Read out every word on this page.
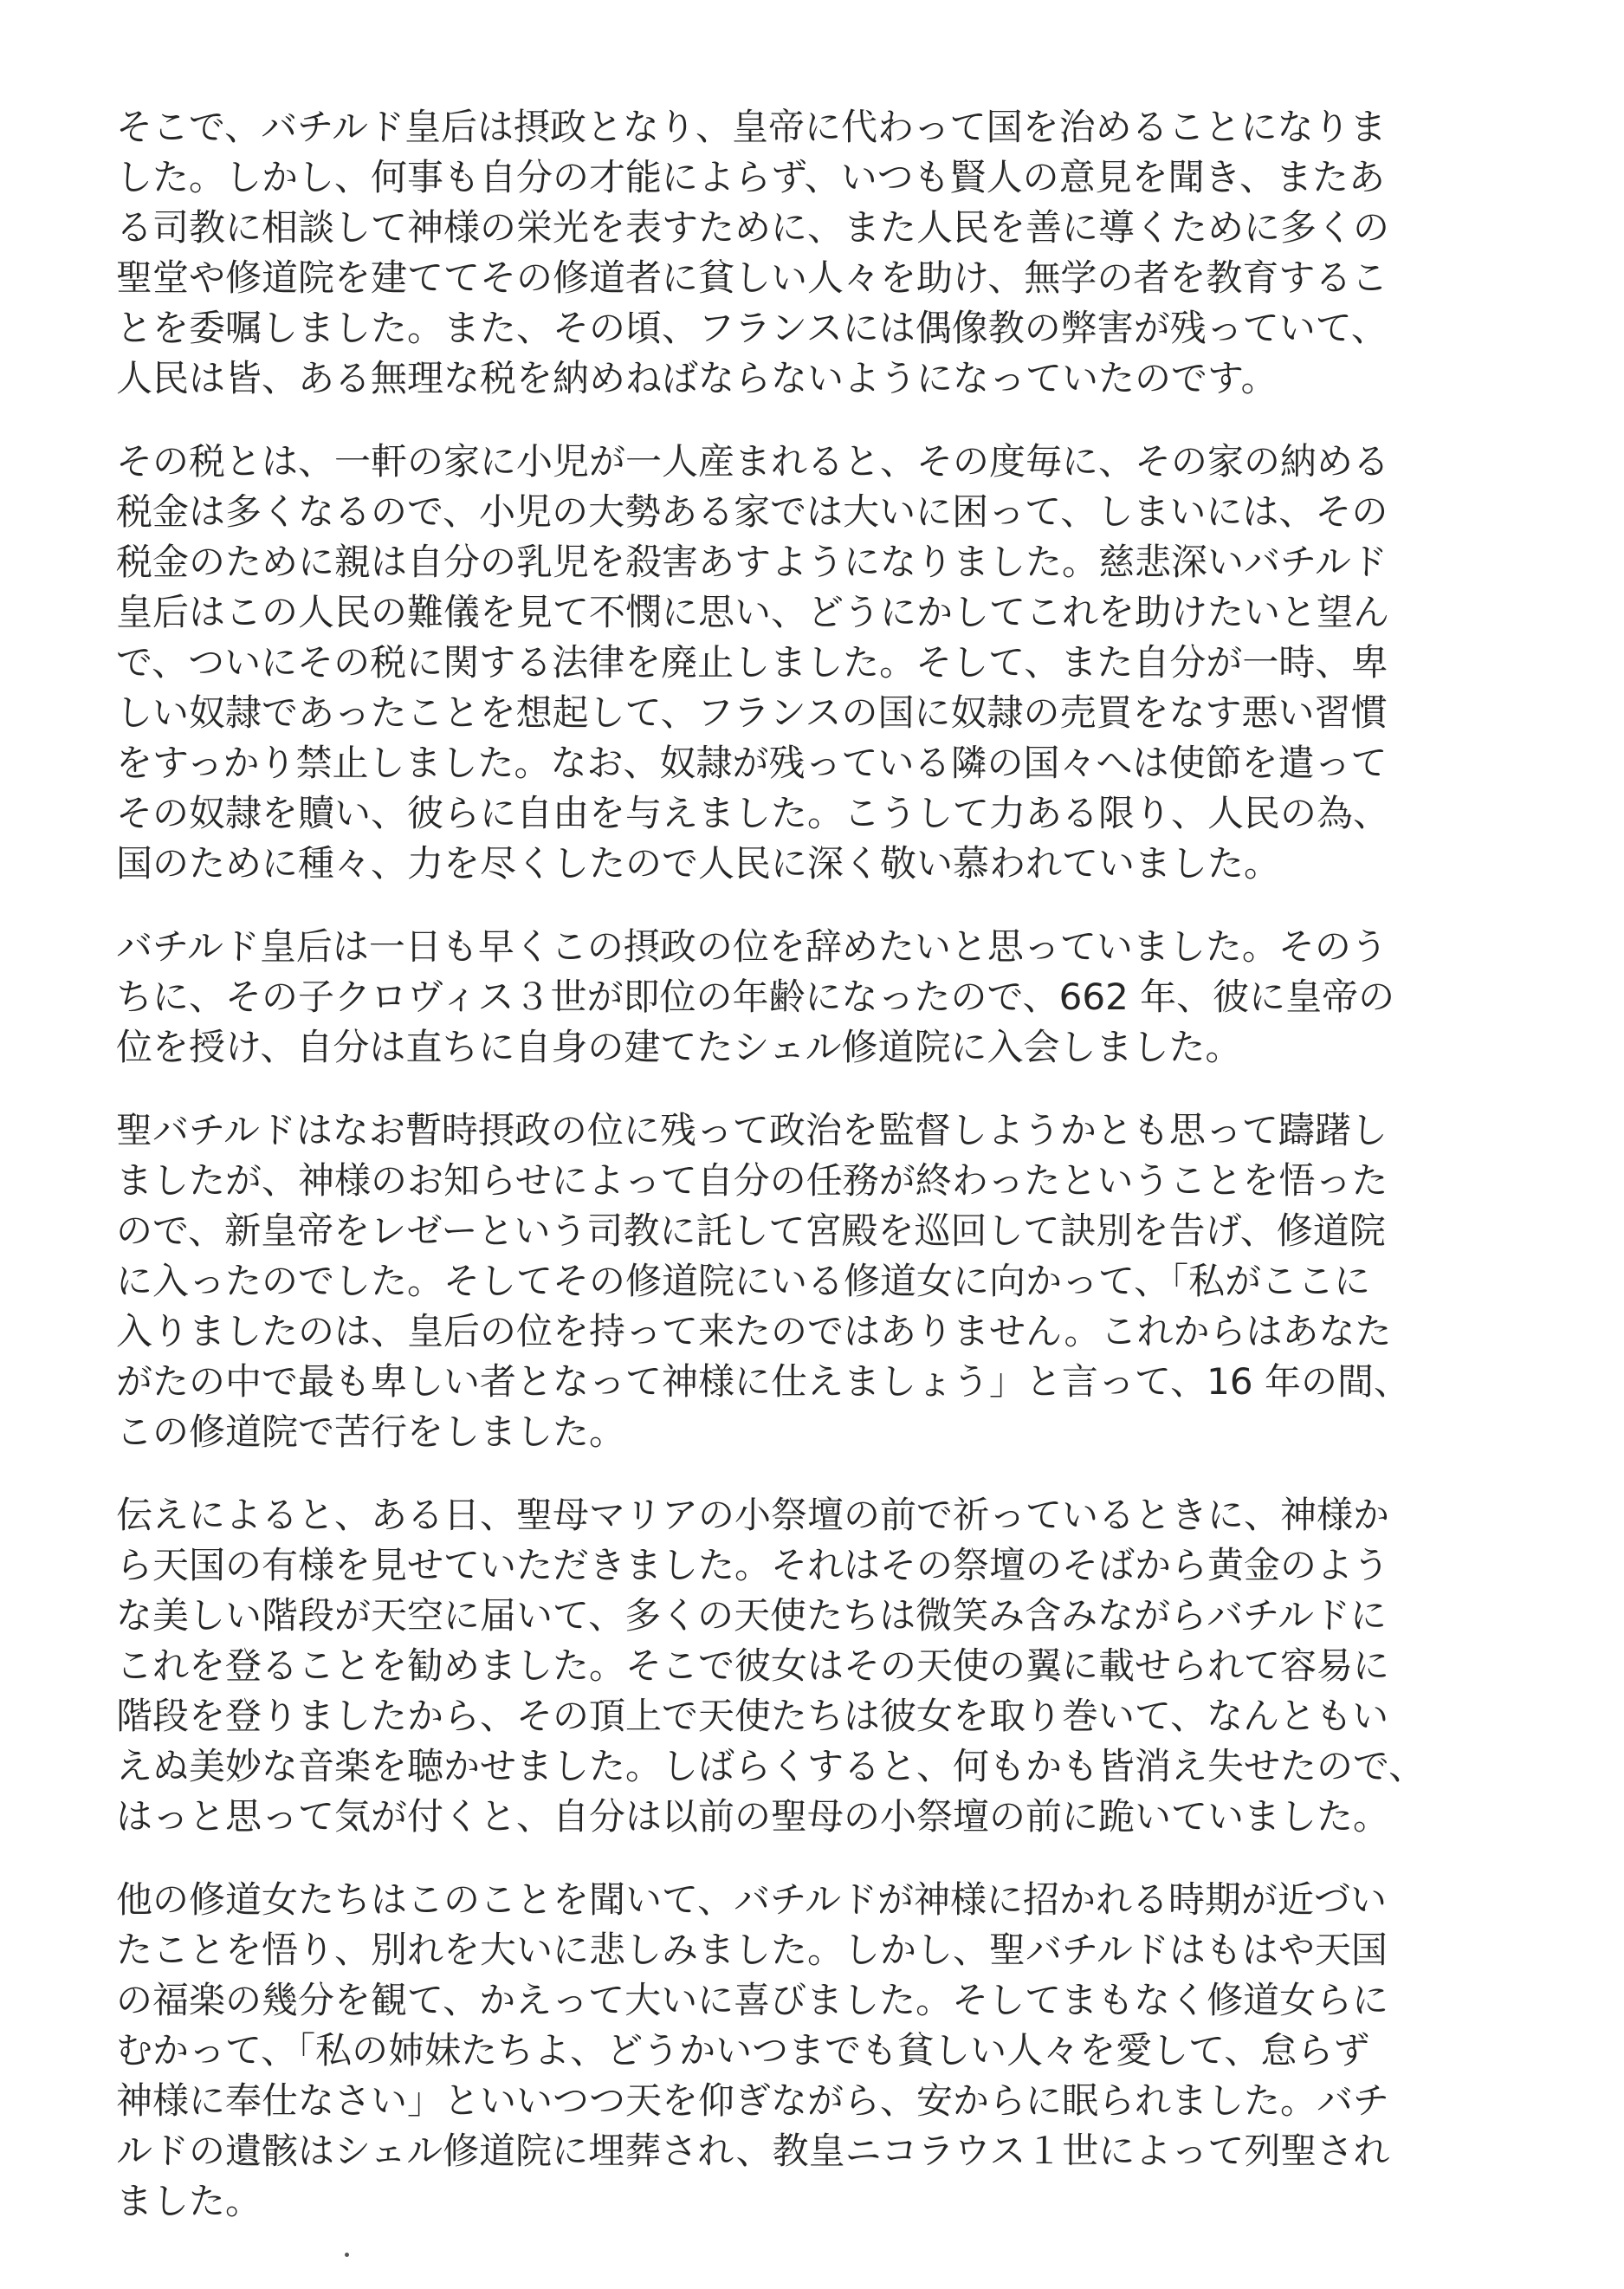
そこで、バチルド皇后は摂政となり、皇帝に代わって国を治めることになりま
した。しかし、何事も自分の才能によらず、いつも賢人の意見を聞き、またあ
る司教に相談して神様の栄光を表すために、また人民を善に導くために多くの
聖堂や修道院を建ててその修道者に貧しい人々を助け、無学の者を教育するこ
とを委嘱しました。また、その頃、フランスには偶像教の弊害が残っていて、
人民は皆、ある無理な税を納めねばならないようになっていたのです。

その税とは、一軒の家に小児が一人産まれると、その度毎に、その家の納める
税金は多くなるので、小児の大勢ある家では大いに困って、しまいには、その
税金のために親は自分の乳児を殺害あすようになりました。慈悲深いバチルド
皇后はこの人民の難儀を見て不憫に思い、どうにかしてこれを助けたいと望ん
で、ついにその税に関する法律を廃止しました。そして、また自分が一時、卑
しい奴隷であったことを想起して、フランスの国に奴隷の売買をなす悪い習慣
をすっかり禁止しました。なお、奴隷が残っている隣の国々へは使節を遣って
その奴隷を贖い、彼らに自由を与えました。こうして力ある限り、人民の為、
国のために種々、力を尽くしたので人民に深く敬い慕われていました。

バチルド皇后は一日も早くこの摂政の位を辞めたいと思っていました。そのう
ちに、その子クロヴィス３世が即位の年齢になったので、662 年、彼に皇帝の
位を授け、自分は直ちに自身の建てたシェル修道院に入会しました。

聖バチルドはなお暫時摂政の位に残って政治を監督しようかとも思って躊躇し
ましたが、神様のお知らせによって自分の任務が終わったということを悟った
ので、新皇帝をレゼーという司教に託して宮殿を巡回して訣別を告げ、修道院
に入ったのでした。そしてその修道院にいる修道女に向かって、「私がここに
入りましたのは、皇后の位を持って来たのではありません。これからはあなた
がたの中で最も卑しい者となって神様に仕えましょう」と言って、16 年の間、
この修道院で苦行をしました。

伝えによると、ある日、聖母マリアの小祭壇の前で祈っているときに、神様か
ら天国の有様を見せていただきました。それはその祭壇のそばから黄金のよう
な美しい階段が天空に届いて、多くの天使たちは微笑み含みながらバチルドに
これを登ることを勧めました。そこで彼女はその天使の翼に載せられて容易に
階段を登りましたから、その頂上で天使たちは彼女を取り巻いて、なんともい
えぬ美妙な音楽を聴かせました。しばらくすると、何もかも皆消え失せたので、
はっと思って気が付くと、自分は以前の聖母の小祭壇の前に跪いていました。

他の修道女たちはこのことを聞いて、バチルドが神様に招かれる時期が近づい
たことを悟り、別れを大いに悲しみました。しかし、聖バチルドはもはや天国
の福楽の幾分を観て、かえって大いに喜びました。そしてまもなく修道女らに
むかって、「私の姉妹たちよ、どうかいつまでも貧しい人々を愛して、怠らず
神様に奉仕なさい」といいつつ天を仰ぎながら、安からに眠られました。バチ
ルドの遺骸はシェル修道院に埋葬され、教皇ニコラウス１世によって列聖され
ました。
